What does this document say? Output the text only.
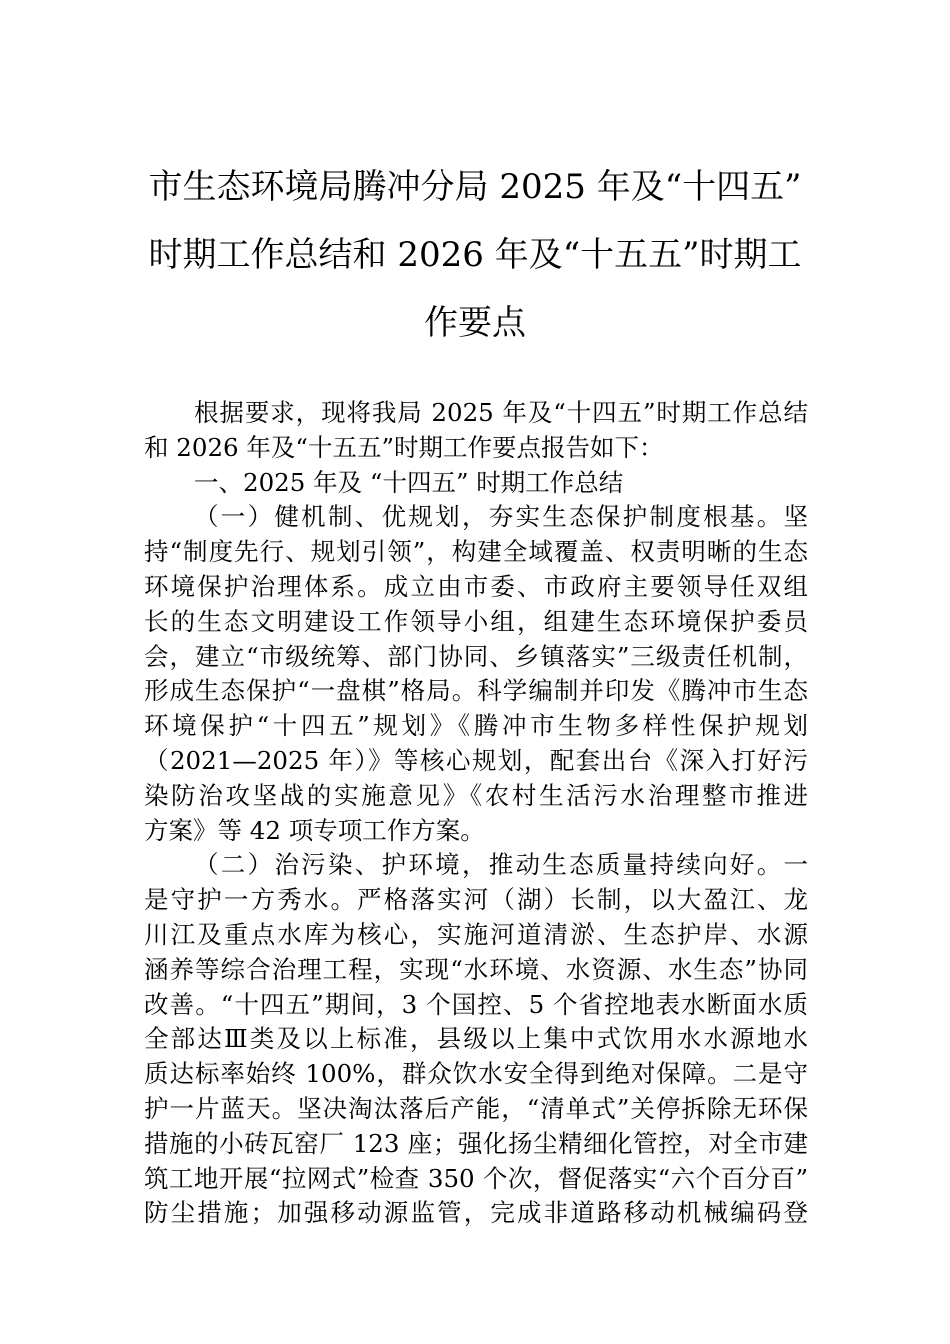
市生态环境局腾冲分局 2025 年及“十四五”
时期工作总结和 2026 年及“十五五”时期工
作要点
根据要求，现将我局 2025 年及“十四五”时期工作总结
和 2026 年及“十五五”时期工作要点报告如下：
一、2025 年及 “十四五” 时期工作总结
（一）健机制、优规划，夯实生态保护制度根基。坚
持“制度先行、规划引领”，构建全域覆盖、权责明晰的生态
环境保护治理体系。成立由市委、市政府主要领导任双组
长的生态文明建设工作领导小组，组建生态环境保护委员
会，建立“市级统筹、部门协同、乡镇落实”三级责任机制，
形成生态保护“一盘棋”格局。科学编制并印发《腾冲市生态
环境保护“十四五”规划》《腾冲市生物多样性保护规划
（2021—2025 年）》等核心规划，配套出台《深入打好污
染防治攻坚战的实施意见》《农村生活污水治理整市推进
方案》等 42 项专项工作方案。
（二）治污染、护环境，推动生态质量持续向好。一
是守护一方秀水。严格落实河（湖）长制，以大盈江、龙
川江及重点水库为核心，实施河道清淤、生态护岸、水源
涵养等综合治理工程，实现“水环境、水资源、水生态”协同
改善。“十四五”期间，3 个国控、5 个省控地表水断面水质
全部达Ⅲ类及以上标准，县级以上集中式饮用水水源地水
质达标率始终 100%，群众饮水安全得到绝对保障。二是守
护一片蓝天。坚决淘汰落后产能，“清单式”关停拆除无环保
措施的小砖瓦窑厂 123 座；强化扬尘精细化管控，对全市建
筑工地开展“拉网式”检查 350 个次，督促落实“六个百分百”
防尘措施；加强移动源监管，完成非道路移动机械编码登
